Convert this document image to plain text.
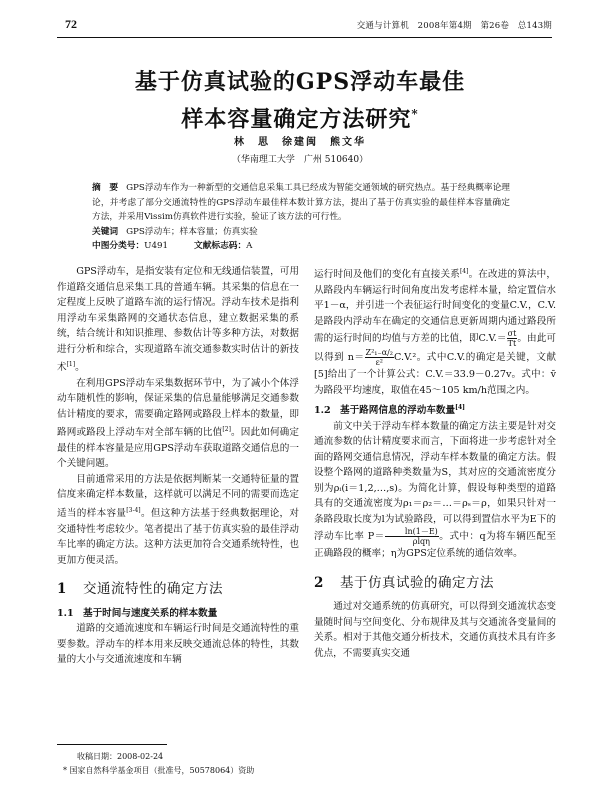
72	交通与计算机　2008年第4期　第26卷　总143期
基于仿真试验的GPS浮动车最佳
样本容量确定方法研究*
林　思　徐建闽　熊文华
（华南理工大学　广州 510640）

摘　要 GPS浮动车作为一种新型的交通信息采集工具已经成为智能交通领域的研究热点。基于经典概率论理论，并考虑了部分交通流特性的GPS浮动车最佳样本数计算方法，提出了基于仿真实验的最佳样本容量确定方法，并采用Vissim仿真软件进行实验，验证了该方法的可行性。

关键词 GPS浮动车；样本容量；仿真实验

中图分类号：U491	文献标志码：A

GPS浮动车，是指安装有定位和无线通信装置，可用作道路交通信息采集工具的普通车辆。其采集的信息在一定程度上反映了道路车流的运行情况。浮动车技术是指利用浮动车采集路网的交通状态信息，建立数据采集的系统，结合统计和知识推理、参数估计等多种方法，对数据进行分析和综合，实现道路车流交通参数实时估计的新技术[1]。

在利用GPS浮动车采集数据环节中，为了减小个体浮动车随机性的影响，保证采集的信息量能够满足交通参数估计精度的要求，需要确定路网或路段上样本的数量，即路网或路段上浮动车对全部车辆的比值[2]。因此如何确定最佳的样本容量是应用GPS浮动车获取道路交通信息的一个关键问题。

目前通常采用的方法是依据判断某一交通特征量的置信度来确定样本数量，这样就可以满足不同的需要而选定适当的样本容量[3-4]。但这种方法基于经典数据理论，对交通特性考虑较少。笔者提出了基于仿真实验的最佳浮动车比率的确定方法。这种方法更加符合交通系统特性，也更加方便灵活。

1 交通流特性的确定方法
1.1 基于时间与速度关系的样本数量

道路的交通流速度和车辆运行时间是交通流特性的重要参数。浮动车的样本用来反映交通流总体的特性，其数量的大小与交通流速度和车辆

运行时间及他们的变化有直接关系[4]。在改进的算法中，从路段内车辆运行时间角度出发考虑样本量，给定置信水平1－α，并引进一个表征运行时间变化的变量C.V.，C.V.是路段内浮动车在确定的交通信息更新周期内通过路段所需的运行时间的均值与方差的比值，即$C.V.= \frac{\sigma t}{T̄t}$ 。由此可以得到 $n= \frac{\text{Z²₁₋α/₂}}{\text{ε²}} C.V.^2$。式中C.V.的确定是关键，文献[5]给出了一个计算公式：C.V.＝33.9－0.27v。式中：v̄为路段平均速度，取值在45～105 km/h范围之内。

1.2 基于路网信息的浮动车数量[4]

前文中关于浮动车样本数量的确定方法主要是针对交通流参数的估计精度要求而言，下面将进一步考虑针对全面的路网交通信息情况，浮动车样本数量的确定方法。假设整个路网的道路种类数量为S，其对应的交通流密度分别为ρᵢ(i＝1,2,…,s)。为简化计算，假设每种类型的道路具有的交通流密度为ρ₁＝ρ₂＝…＝ρₛ＝ρ，如果只针对一条路段取长度为l为试验路段，可以得到置信水平为E下的浮动车比率 $P= \frac{\ln(1-E)}{\text{ρlqη}}$ 。式中：q为将车辆匹配至正确路段的概率；η为GPS定位系统的通信效率。

2 基于仿真试验的确定方法

通过对交通系统的仿真研究，可以得到交通流状态变量随时间与空间变化、分布规律及其与交通流各变量间的关系。相对于其他交通分析技术，交通仿真技术具有许多优点，不需要真实交通

收稿日期：2008-02-24

* 国家自然科学基金项目（批准号，50578064）资助
